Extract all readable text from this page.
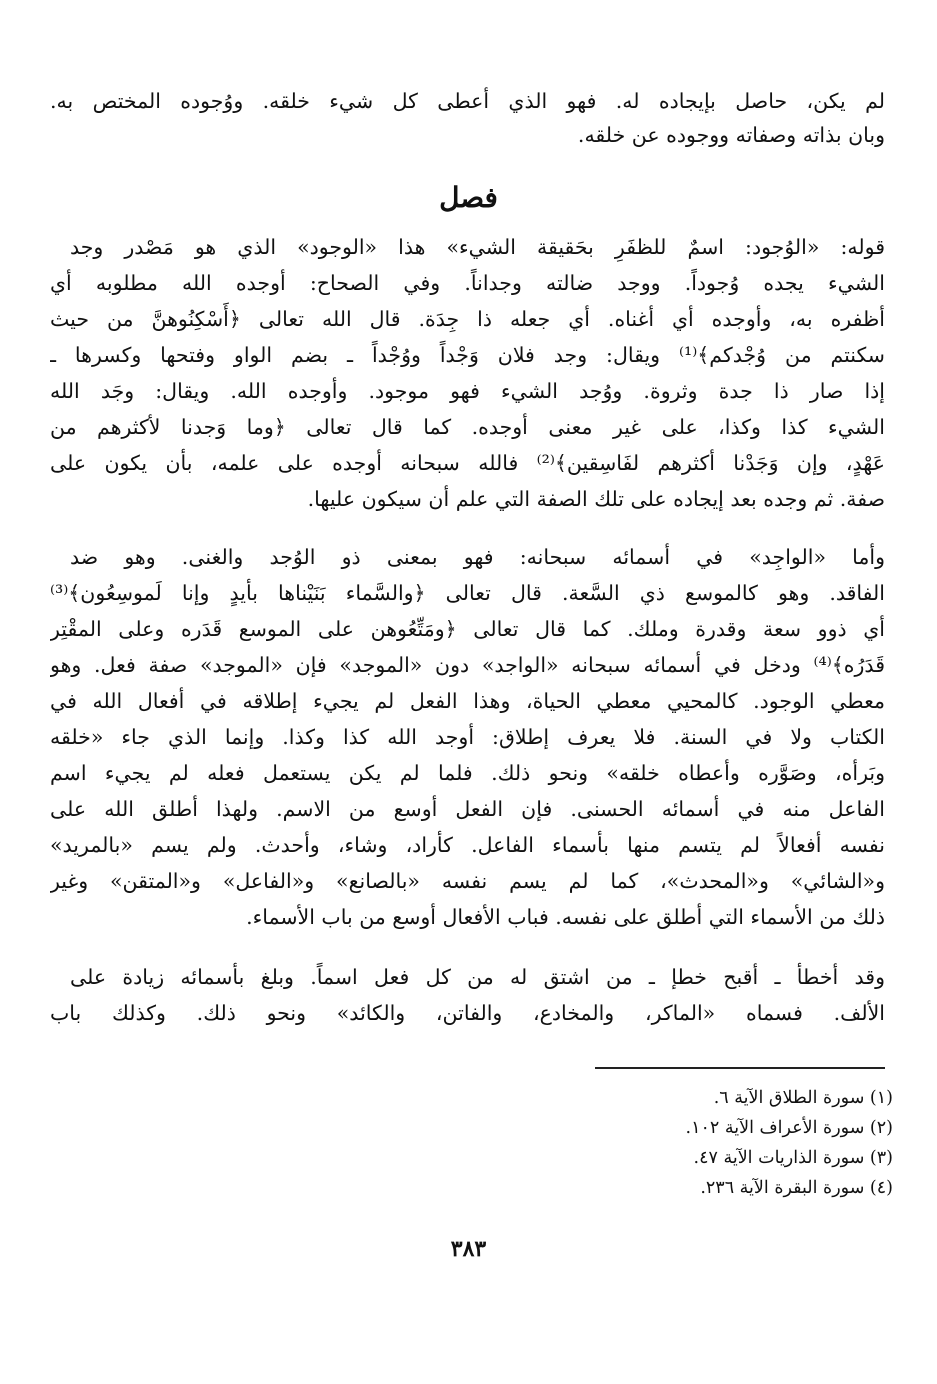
لم يكن، حاصل بإيجاده له. فهو الذي أعطى كل شيء خلقه. ووُجوده المختص به.
وبان بذاته وصفاته ووجوده عن خلقه.
فصل
قوله: «الوُجود: اسمٌ للظفَرِ بحَقيقة الشيء» هذا «الوجود» الذي هو مَصْدر وجد
الشيء يجده وُجوداً. ووجد ضالته وجداناً. وفي الصحاح: أوجده الله مطلوبه أي
أظفره به، وأوجده أي أغناه. أي جعله ذا جِدَة. قال الله تعالى ﴿أَسْكِنُوهنَّ من حيث
سكنتم من وُجْدكم﴾⁽¹⁾ ويقال: وجد فلان وَجْداً ووُجْداً ـ بضم الواو وفتحها وكسرها ـ
إذا صار ذا جدة وثروة. ووُجد الشيء فهو موجود. وأوجده الله. ويقال: وجَد الله
الشيء كذا وكذا، على غير معنى أوجده. كما قال تعالى ﴿وما وَجدنا لأكثرهم من
عَهْدٍ، وإن وَجَدْنا أكثرهم لفَاسِقين﴾⁽²⁾ فالله سبحانه أوجده على علمه، بأن يكون على
صفة. ثم وجده بعد إيجاده على تلك الصفة التي علم أن سيكون عليها.
وأما «الواجِد» في أسمائه سبحانه: فهو بمعنى ذو الوُجد والغنى. وهو ضد
الفاقد. وهو كالموسع ذي السَّعة. قال تعالى ﴿والسَّماء بَنَيْناها بأيدٍ وإنا لَموسِعُون﴾⁽³⁾
أي ذوو سعة وقدرة وملك. كما قال تعالى ﴿ومَتِّعُوهن على الموسع قَدَره وعلى المقْتِر
قَدَرُه﴾⁽⁴⁾ ودخل في أسمائه سبحانه «الواجد» دون «الموجد» فإن «الموجد» صفة فعل. وهو
معطي الوجود. كالمحيي معطي الحياة، وهذا الفعل لم يجيء إطلاقه في أفعال الله في
الكتاب ولا في السنة. فلا يعرف إطلاق: أوجد الله كذا وكذا. وإنما الذي جاء «خلقه
وبَرأه، وصَوَّره وأعطاه خلقه» ونحو ذلك. فلما لم يكن يستعمل فعله لم يجيء اسم
الفاعل منه في أسمائه الحسنى. فإن الفعل أوسع من الاسم. ولهذا أطلق الله على
نفسه أفعالاً لم يتسم منها بأسماء الفاعل. كأراد، وشاء، وأحدث. ولم يسم «بالمريد»
و«الشائي» و«المحدث»، كما لم يسم نفسه «بالصانع» و«الفاعل» و«المتقن» وغير
ذلك من الأسماء التي أطلق على نفسه. فباب الأفعال أوسع من باب الأسماء.
وقد أخطأ ـ أقبح خطإ ـ من اشتق له من كل فعل اسماً. وبلغ بأسمائه زيادة على
الألف. فسماه «الماكر، والمخادع، والفاتن، والكائد» ونحو ذلك. وكذلك باب
(١) سورة الطلاق الآية ٦.
(٢) سورة الأعراف الآية ١٠٢.
(٣) سورة الذاريات الآية ٤٧.
(٤) سورة البقرة الآية ٢٣٦.
٣٨٣
